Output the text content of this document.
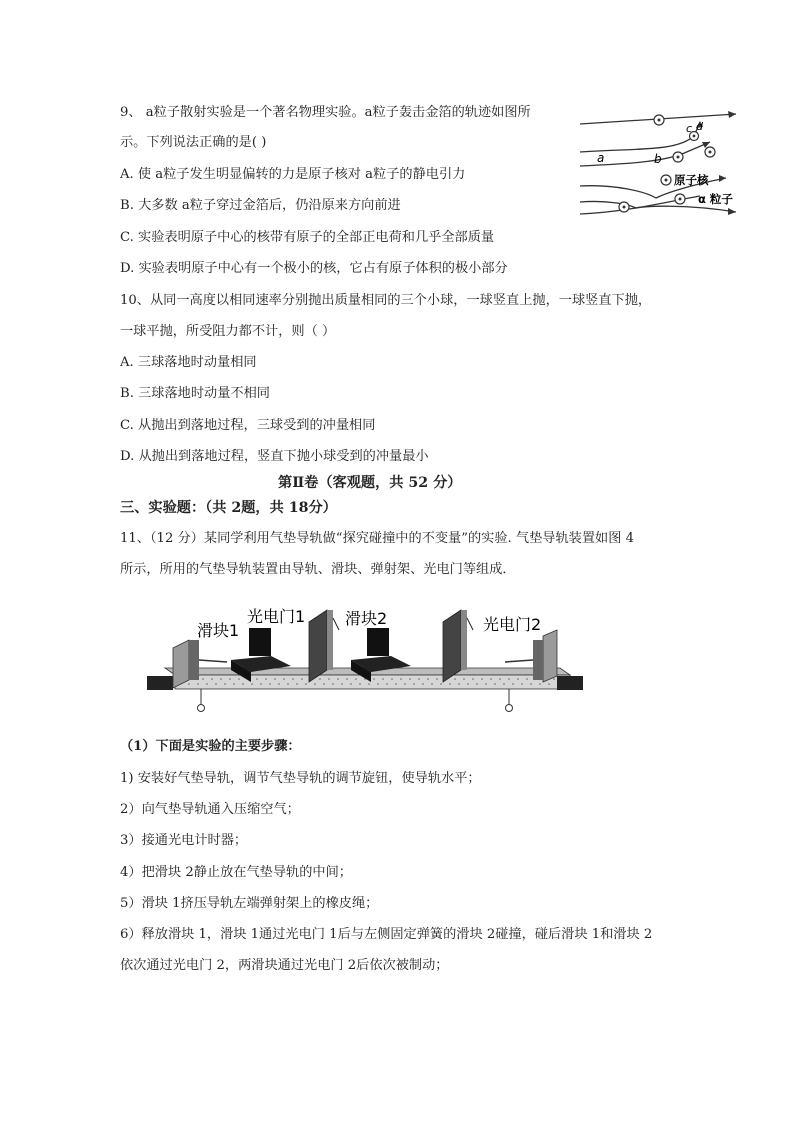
9、 a粒子散射实验是一个著名物理实验。a粒子轰击金箔的轨迹如图所
示。下列说法正确的是( )
A. 使 a粒子发生明显偏转的力是原子核对 a粒子的静电引力
B. 大多数 a粒子穿过金箔后，仍沿原来方向前进
C. 实验表明原子中心的核带有原子的全部正电荷和几乎全部质量
D. 实验表明原子中心有一个极小的核，它占有原子体积的极小部分
a	b
c d
原子核
α 粒子
10、从同一高度以相同速率分别抛出质量相同的三个小球，一球竖直上抛，一球竖直下抛，
一球平抛，所受阻力都不计，则（ ）
A. 三球落地时动量相同
B. 三球落地时动量不相同
C. 从抛出到落地过程，三球受到的冲量相同
D. 从抛出到落地过程，竖直下抛小球受到的冲量最小
第Ⅱ卷（客观题，共 52 分）
三、实验题：（共 2题，共 18分）
11、（12 分）某同学利用气垫导轨做“探究碰撞中的不变量”的实验. 气垫导轨装置如图 4
所示，所用的气垫导轨装置由导轨、滑块、弹射架、光电门等组成．
滑块1
光电门1 滑块2	光电门2
（1）下面是实验的主要步骤：
1) 安装好气垫导轨，调节气垫导轨的调节旋钮，使导轨水平；
2）向气垫导轨通入压缩空气；
3）接通光电计时器；
4）把滑块 2静止放在气垫导轨的中间；
5）滑块 1挤压导轨左端弹射架上的橡皮绳；
6）释放滑块 1，滑块 1通过光电门 1后与左侧固定弹簧的滑块 2碰撞，碰后滑块 1和滑块 2
依次通过光电门 2，两滑块通过光电门 2后依次被制动；
